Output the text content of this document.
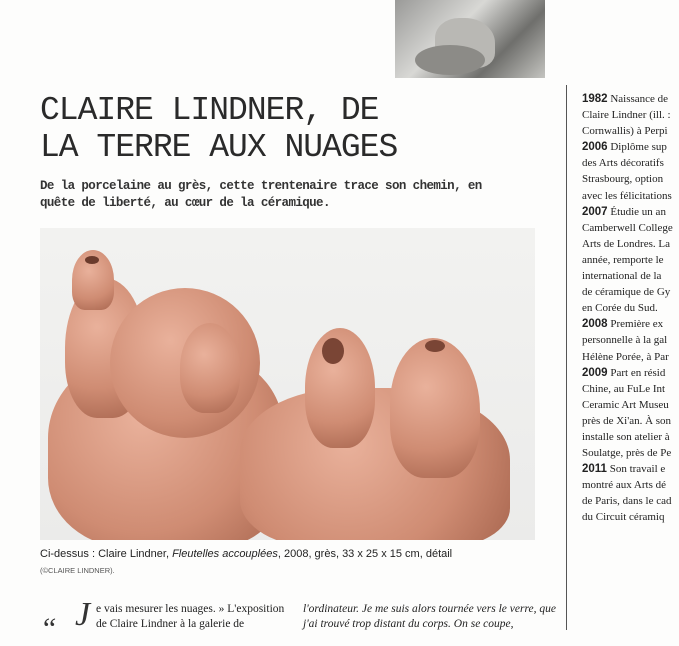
CLAIRE LINDNER, DE
LA TERRE AUX NUAGES
De la porcelaine au grès, cette trentenaire trace son chemin, en quête de liberté, au cœur de la céramique.
Ci-dessus : Claire Lindner, Fleutelles accouplées, 2008, grès, 33 x 25 x 15 cm, détail
(©CLAIRE LINDNER).
“ J e vais mesurer les nuages. » L'exposition de Claire Lindner à la galerie de
l'ordinateur. Je me suis alors tournée vers le verre, que j'ai trouvé trop distant du corps. On se coupe,
1982 Naissance de
Claire Lindner (ill. :
Cornwallis) à Perpi
2006 Diplôme sup
des Arts décoratifs
Strasbourg, option
avec les félicitations
2007 Étudie un an
Camberwell College
Arts de Londres. La
année, remporte le
international de la
de céramique de Gy
en Corée du Sud.
2008 Première ex
personnelle à la gal
Hélène Porée, à Par
2009 Part en résid
Chine, au FuLe Int
Ceramic Art Museu
près de Xi'an. À son
installe son atelier à
Soulatge, près de Pe
2011 Son travail e
montré aux Arts dé
de Paris, dans le cad
du Circuit céramiq
